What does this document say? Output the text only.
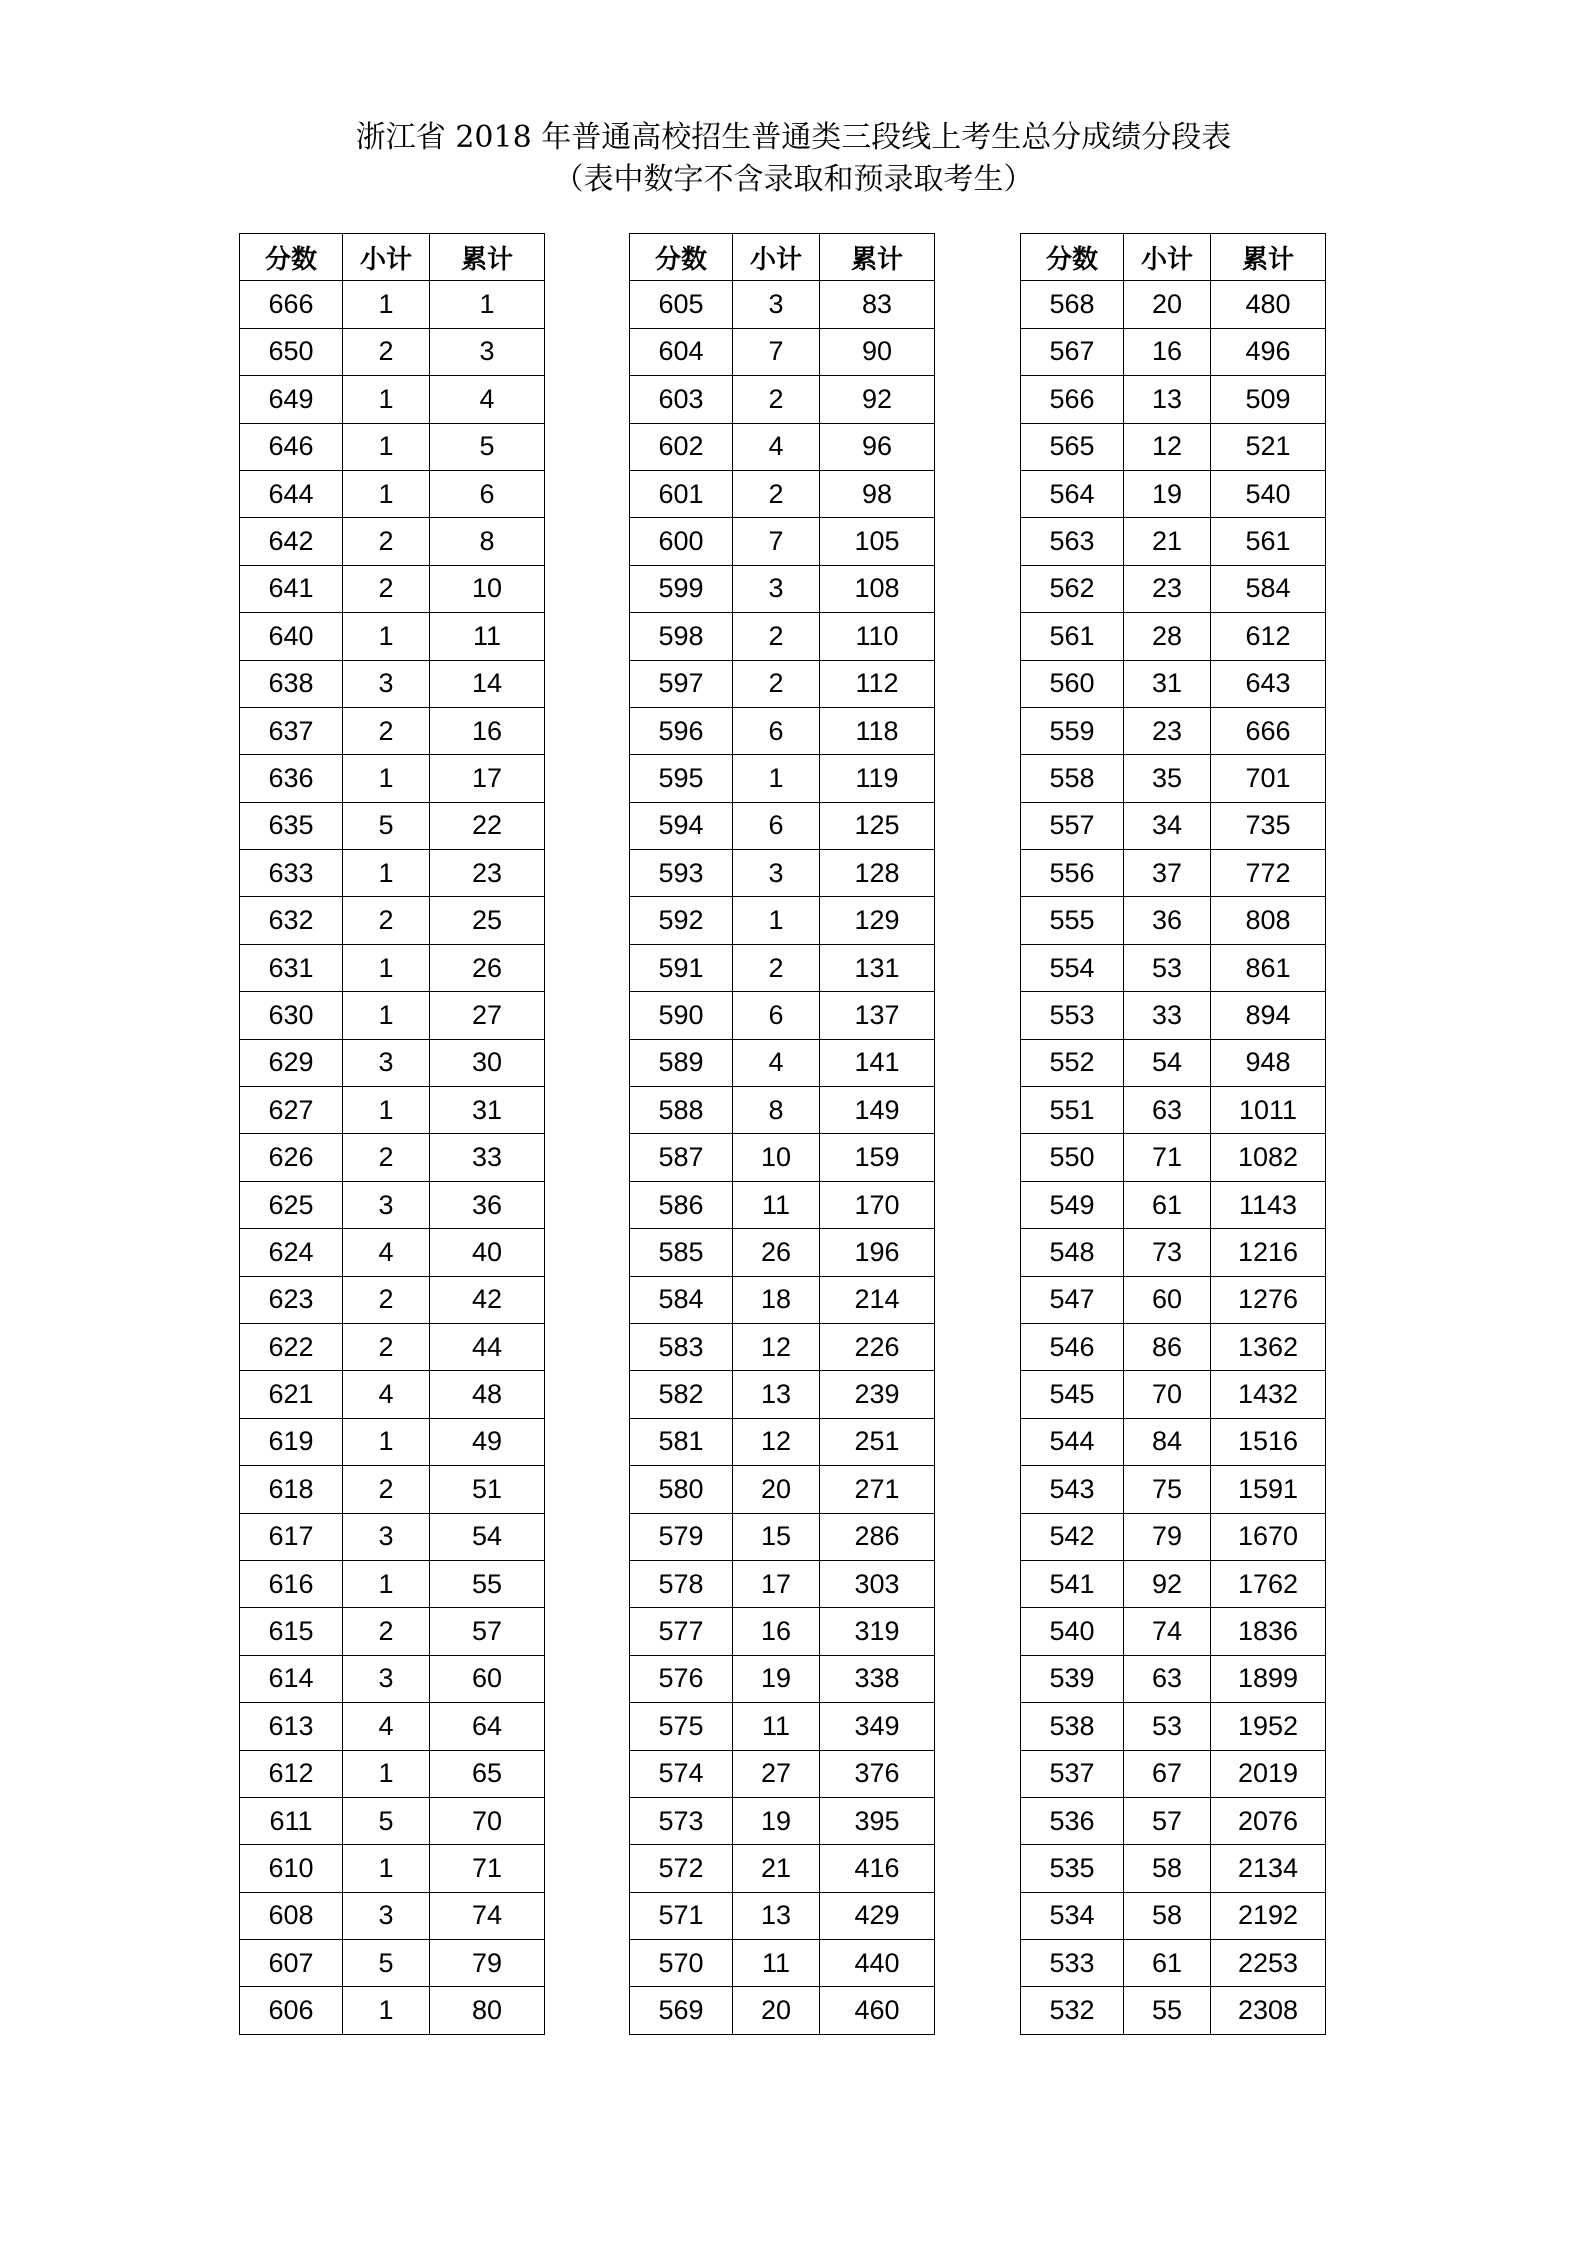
浙江省 2018 年普通高校招生普通类三段线上考生总分成绩分段表
（表中数字不含录取和预录取考生）
分数	小计	累计
666	1	1
650	2	3
649	1	4
646	1	5
644	1	6
642	2	8
641	2	10
640	1	11
638	3	14
637	2	16
636	1	17
635	5	22
633	1	23
632	2	25
631	1	26
630	1	27
629	3	30
627	1	31
626	2	33
625	3	36
624	4	40
623	2	42
622	2	44
621	4	48
619	1	49
618	2	51
617	3	54
616	1	55
615	2	57
614	3	60
613	4	64
612	1	65
611	5	70
610	1	71
608	3	74
607	5	79
606	1	80
分数	小计	累计
605	3	83
604	7	90
603	2	92
602	4	96
601	2	98
600	7	105
599	3	108
598	2	110
597	2	112
596	6	118
595	1	119
594	6	125
593	3	128
592	1	129
591	2	131
590	6	137
589	4	141
588	8	149
587	10	159
586	11	170
585	26	196
584	18	214
583	12	226
582	13	239
581	12	251
580	20	271
579	15	286
578	17	303
577	16	319
576	19	338
575	11	349
574	27	376
573	19	395
572	21	416
571	13	429
570	11	440
569	20	460
分数	小计	累计
568	20	480
567	16	496
566	13	509
565	12	521
564	19	540
563	21	561
562	23	584
561	28	612
560	31	643
559	23	666
558	35	701
557	34	735
556	37	772
555	36	808
554	53	861
553	33	894
552	54	948
551	63	1011
550	71	1082
549	61	1143
548	73	1216
547	60	1276
546	86	1362
545	70	1432
544	84	1516
543	75	1591
542	79	1670
541	92	1762
540	74	1836
539	63	1899
538	53	1952
537	67	2019
536	57	2076
535	58	2134
534	58	2192
533	61	2253
532	55	2308
